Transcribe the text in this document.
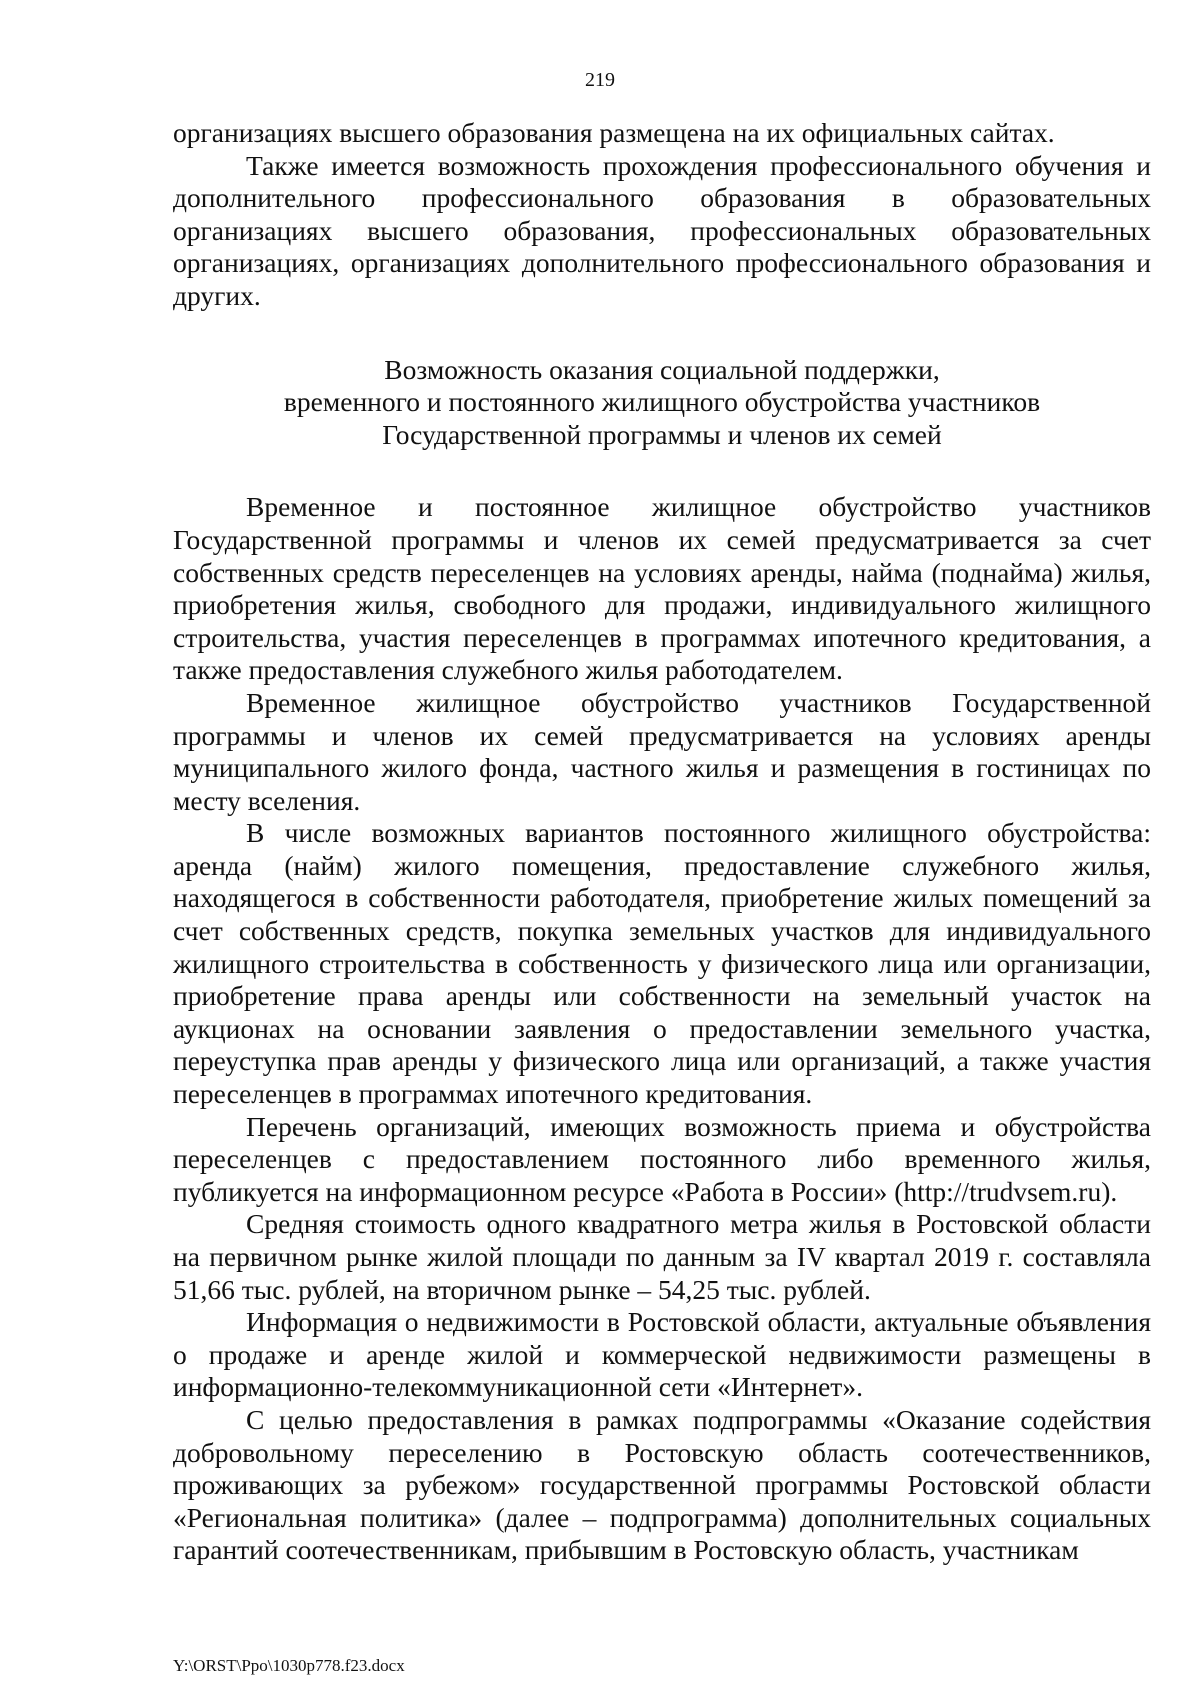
219

организациях высшего образования размещена на их официальных сайтах.

Также имеется возможность прохождения профессионального обучения и дополнительного профессионального образования в образовательных организациях высшего образования, профессиональных образовательных организациях, организациях дополнительного профессионального образования и других.

Возможность оказания социальной поддержки,
временного и постоянного жилищного обустройства участников
Государственной программы и членов их семей

Временное и постоянное жилищное обустройство участников Государственной программы и членов их семей предусматривается за счет собственных средств переселенцев на условиях аренды, найма (поднайма) жилья, приобретения жилья, свободного для продажи, индивидуального жилищного строительства, участия переселенцев в программах ипотечного кредитования, а также предоставления служебного жилья работодателем.

Временное жилищное обустройство участников Государственной программы и членов их семей предусматривается на условиях аренды муниципального жилого фонда, частного жилья и размещения в гостиницах по месту вселения.

В числе возможных вариантов постоянного жилищного обустройства: аренда (найм) жилого помещения, предоставление служебного жилья, находящегося в собственности работодателя, приобретение жилых помещений за счет собственных средств, покупка земельных участков для индивидуального жилищного строительства в собственность у физического лица или организации, приобретение права аренды или собственности на земельный участок на аукционах на основании заявления о предоставлении земельного участка, переуступка прав аренды у физического лица или организаций, а также участия переселенцев в программах ипотечного кредитования.

Перечень организаций, имеющих возможность приема и обустройства переселенцев с предоставлением постоянного либо временного жилья, публикуется на информационном ресурсе «Работа в России» (http://trudvsem.ru).

Средняя стоимость одного квадратного метра жилья в Ростовской области на первичном рынке жилой площади по данным за IV квартал 2019 г. составляла 51,66 тыс. рублей, на вторичном рынке – 54,25 тыс. рублей.

Информация о недвижимости в Ростовской области, актуальные объявления о продаже и аренде жилой и коммерческой недвижимости размещены в информационно-телекоммуникационной сети «Интернет».

С целью предоставления в рамках подпрограммы «Оказание содействия добровольному переселению в Ростовскую область соотечественников, проживающих за рубежом» государственной программы Ростовской области «Региональная политика» (далее – подпрограмма) дополнительных социальных гарантий соотечественникам, прибывшим в Ростовскую область, участникам

Y:\ORST\Ppo\1030p778.f23.docx
